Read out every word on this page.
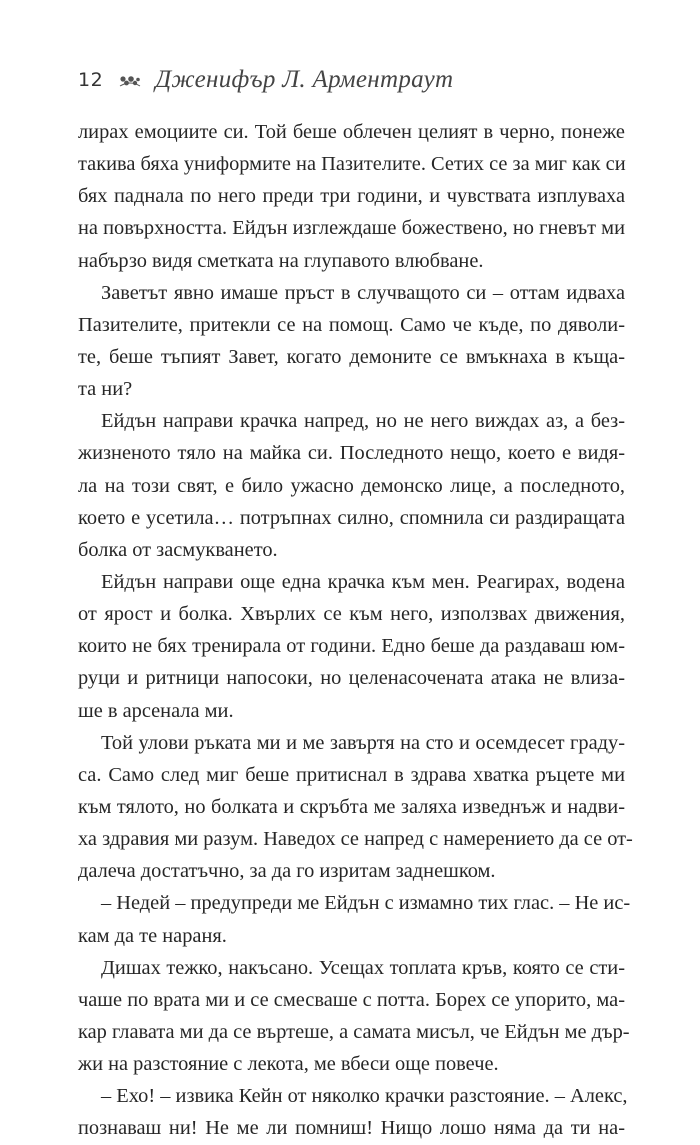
12 Дженифър Л. Арментраут
лирах емоциите си. Той беше облечен целият в черно, понеже
такива бяха униформите на Пазителите. Сетих се за миг как си
бях паднала по него преди три години, и чувствата изплуваха
на повърхността. Ейдън изглеждаше божествено, но гневът ми
набързо видя сметката на глупавото влюбване.
Заветът явно имаше пръст в случващото си – оттам идваха
Пазителите, притекли се на помощ. Само че къде, по дяволи-
те, беше тъпият Завет, когато демоните се вмъкнаха в къща-
та ни?
Ейдън направи крачка напред, но не него виждах аз, а без-
жизненото тяло на майка си. Последното нещо, което е видя-
ла на този свят, е било ужасно демонско лице, а последното,
което е усетила… потръпнах силно, спомнила си раздиращата
болка от засмукването.
Ейдън направи още една крачка към мен. Реагирах, водена
от ярост и болка. Хвърлих се към него, използвах движения,
които не бях тренирала от години. Едно беше да раздаваш юм-
руци и ритници напосоки, но целенасочената атака не влиза-
ше в арсенала ми.
Той улови ръката ми и ме завъртя на сто и осемдесет граду-
са. Само след миг беше притиснал в здрава хватка ръцете ми
към тялото, но болката и скръбта ме заляха изведнъж и надви-
ха здравия ми разум. Наведох се напред с намерението да се от-
далеча достатъчно, за да го изритам заднешком.
– Недей – предупреди ме Ейдън с измамно тих глас. – Не ис-
кам да те нараня.
Дишах тежко, накъсано. Усещах топлата кръв, която се сти-
чаше по врата ми и се смесваше с потта. Борех се упорито, ма-
кар главата ми да се въртеше, а самата мисъл, че Ейдън ме дър-
жи на разстояние с лекота, ме вбеси още повече.
– Ехо! – извика Кейн от няколко крачки разстояние. – Алекс,
познаваш ни! Не ме ли помниш! Нищо лошо няма да ти на-
